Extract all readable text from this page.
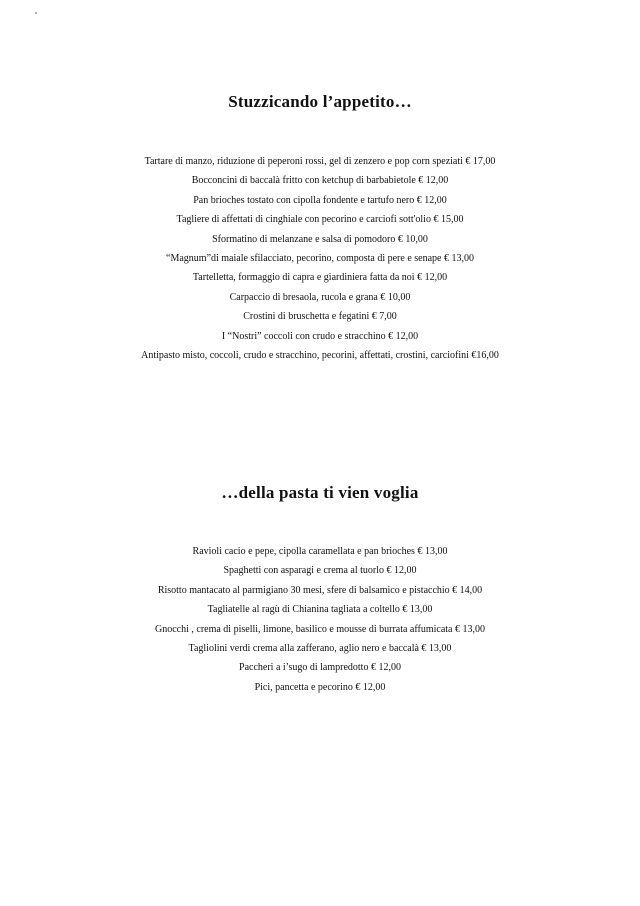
Stuzzicando l’appetito…
Tartare di manzo, riduzione di peperoni rossi, gel di zenzero e pop corn speziati € 17,00
Bocconcini di baccalà fritto con ketchup di barbabietole € 12,00
Pan brioches tostato con cipolla fondente e tartufo nero € 12,00
Tagliere di affettati di cinghiale con pecorino e carciofi sott'olio € 15,00
Sformatino di melanzane e salsa di pomodoro € 10,00
“Magnum”di maiale sfilacciato, pecorino, composta di pere e senape € 13,00
Tartelletta, formaggio di capra e giardiniera fatta da noi € 12,00
Carpaccio di bresaola, rucola e grana € 10,00
Crostini di bruschetta e fegatini € 7,00
I “Nostri” coccoli con crudo e stracchino € 12,00
Antipasto misto, coccoli, crudo e stracchino, pecorini, affettati, crostini, carciofini €16,00
…della pasta ti vien voglia
Ravioli cacio e pepe, cipolla caramellata e pan brioches € 13,00
Spaghetti con asparagi e crema al tuorlo € 12,00
Risotto mantacato al parmigiano 30 mesi, sfere di balsamico e pistacchio € 14,00
Tagliatelle al ragù di Chianina tagliata a coltello € 13,00
Gnocchi , crema di piselli, limone, basilico e mousse di burrata affumicata € 13,00
Tagliolini verdi crema alla zafferano, aglio nero e baccalà € 13,00
Paccheri a i’sugo di lampredotto € 12,00
Pici, pancetta e pecorino € 12,00
